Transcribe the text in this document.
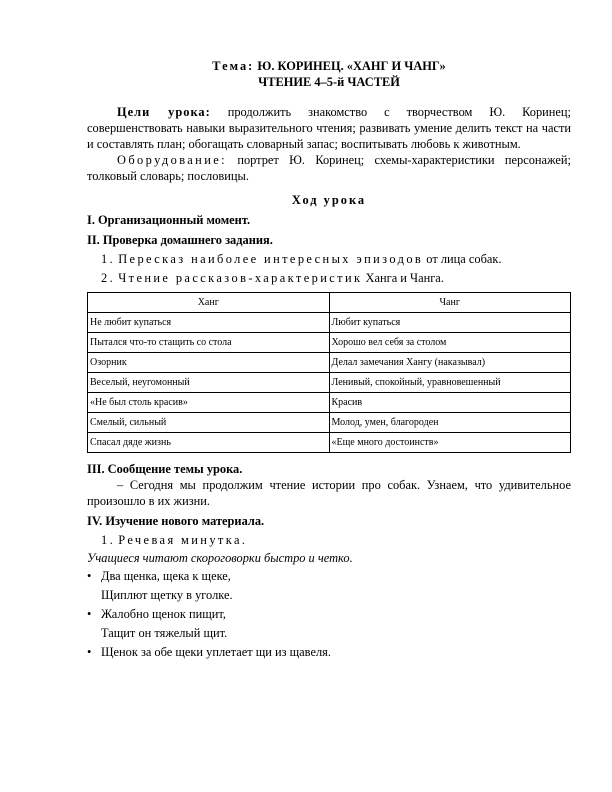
Тема: Ю. КОРИНЕЦ. «ХАНГ И ЧАНГ»

ЧТЕНИЕ 4–5-й ЧАСТЕЙ

Цели урока: продолжить знакомство с творчеством Ю. Коринец; совершенствовать навыки выразительного чтения; развивать умение делить текст на части и составлять план; обогащать словарный запас; воспитывать любовь к животным.

Оборудование: портрет Ю. Коринец; схемы-характеристики персонажей; толковый словарь; пословицы.

Ход урока

I. Организационный момент.

II. Проверка домашнего задания.

1. Пересказ наиболее интересных эпизодов от лица собак.

2. Чтение рассказов-характеристик Ханга и Чанга.

Ханг	Чанг
Не любит купаться	Любит купаться
Пытался что-то стащить со стола	Хорошо вел себя за столом
Озорник	Делал замечания Хангу (наказывал)
Веселый, неугомонный	Ленивый, спокойный, уравновешенный
«Не был столь красив»	Красив
Смелый, сильный	Молод, умен, благороден
Спасал дяде жизнь	«Еще много достоинств»

III. Сообщение темы урока.

– Сегодня мы продолжим чтение истории про собак. Узнаем, что удивительное произошло в их жизни.

IV. Изучение нового материала.

1. Речевая минутка.

Учащиеся читают скороговорки быстро и четко.

• Два щенка, щека к щеке,
Щиплют щетку в уголке.
• Жалобно щенок пищит,
Тащит он тяжелый щит.
• Щенок за обе щеки уплетает щи из щавеля.
